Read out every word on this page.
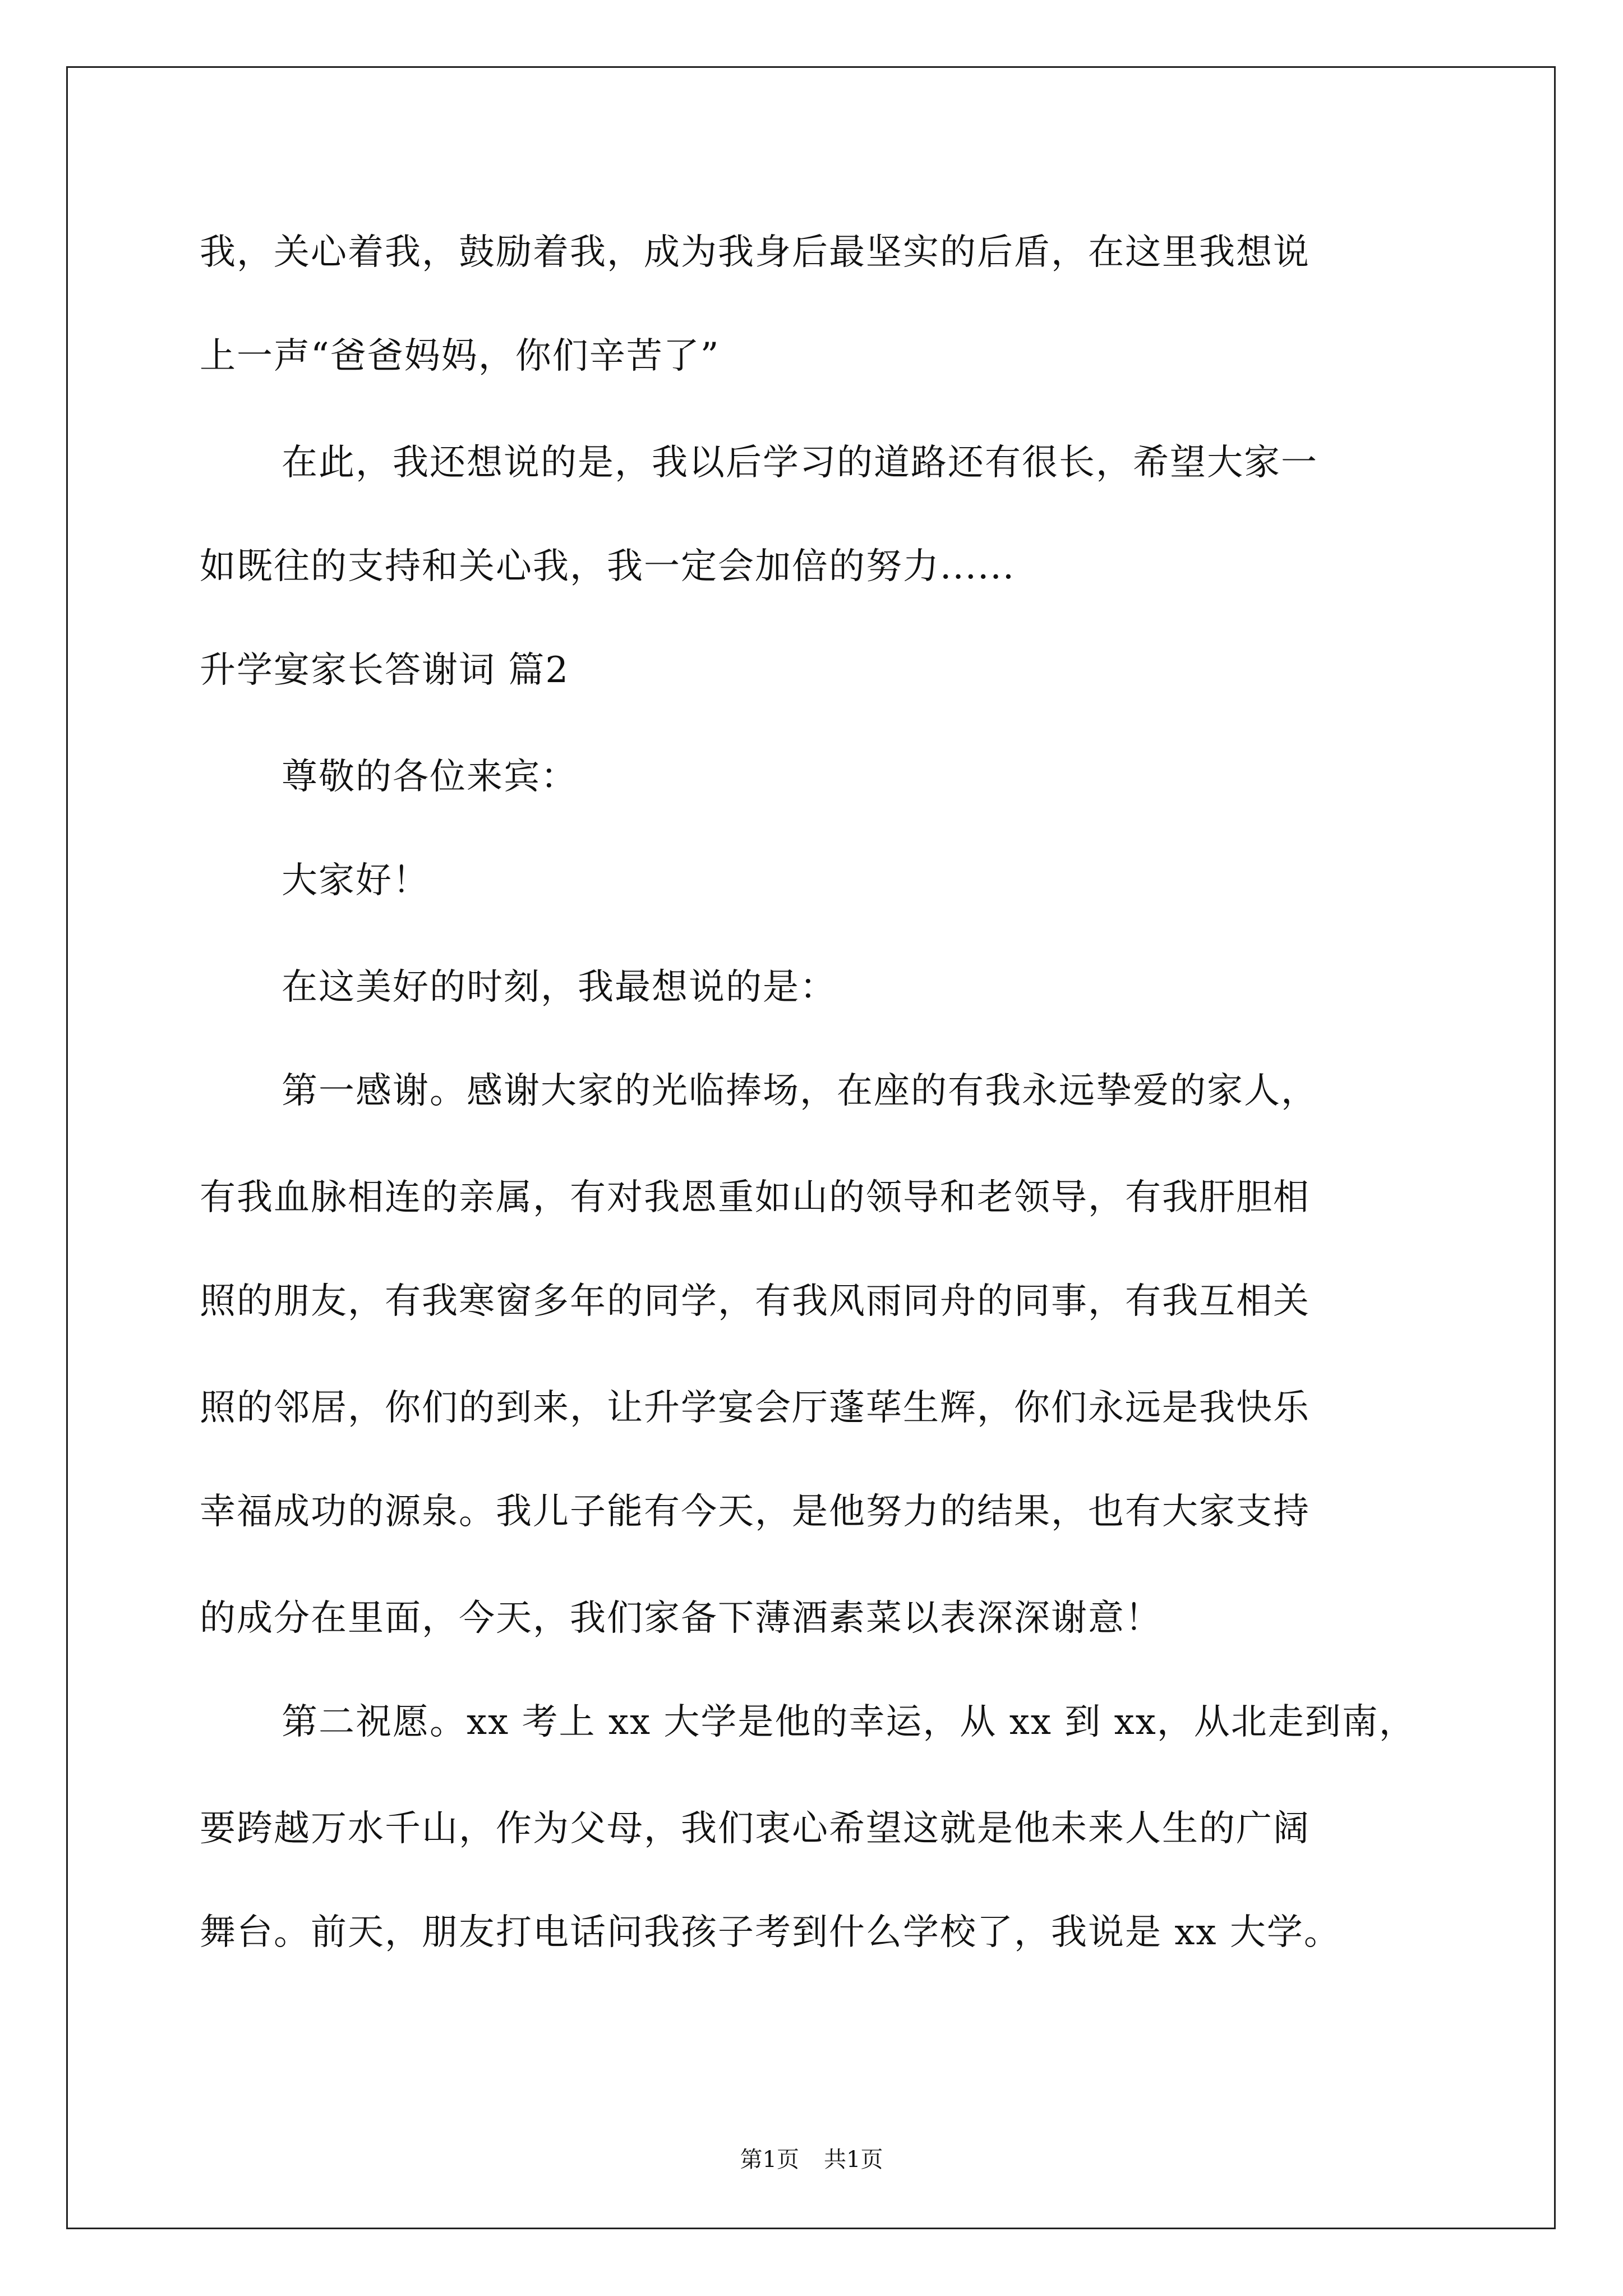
我，关心着我，鼓励着我，成为我身后最坚实的后盾，在这里我想说
上一声“爸爸妈妈，你们辛苦了”
在此，我还想说的是，我以后学习的道路还有很长，希望大家一
如既往的支持和关心我，我一定会加倍的努力......
升学宴家长答谢词 篇2
尊敬的各位来宾：
大家好！
在这美好的时刻，我最想说的是：
第一感谢。感谢大家的光临捧场，在座的有我永远挚爱的家人，
有我血脉相连的亲属，有对我恩重如山的领导和老领导，有我肝胆相
照的朋友，有我寒窗多年的同学，有我风雨同舟的同事，有我互相关
照的邻居，你们的到来，让升学宴会厅蓬荜生辉，你们永远是我快乐
幸福成功的源泉。我儿子能有今天，是他努力的结果，也有大家支持
的成分在里面，今天，我们家备下薄酒素菜以表深深谢意！
第二祝愿。xx 考上 xx 大学是他的幸运，从 xx 到 xx，从北走到南，
要跨越万水千山，作为父母，我们衷心希望这就是他未来人生的广阔
舞台。前天，朋友打电话问我孩子考到什么学校了，我说是 xx 大学。
第1页 共1页
